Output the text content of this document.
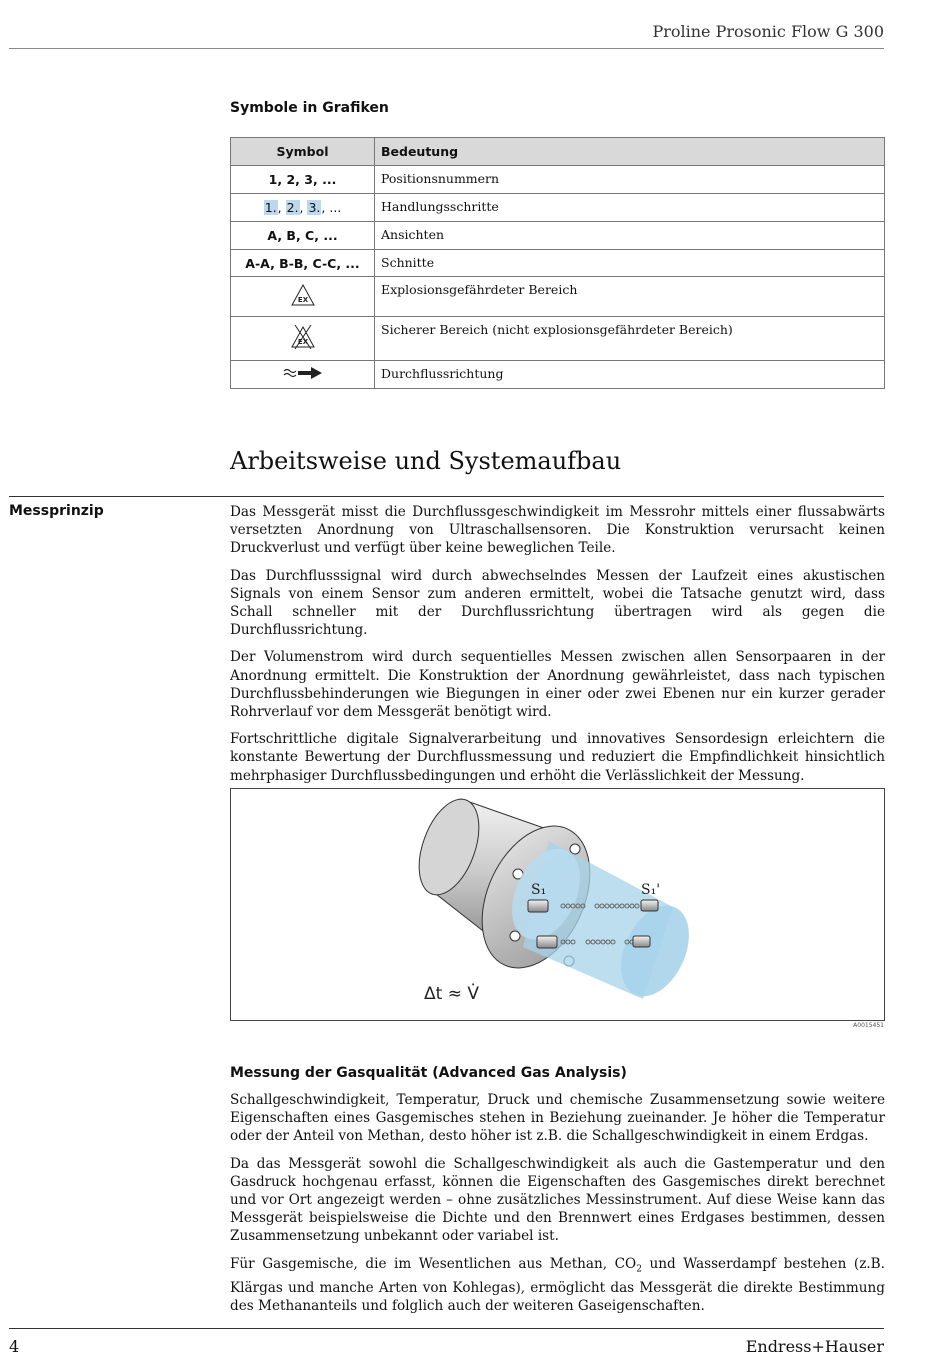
Proline Prosonic Flow G 300
Symbole in Grafiken
Symbol	Bedeutung
1, 2, 3, ...	Positionsnummern
1., 2., 3., ...	Handlungsschritte
A, B, C, ...	Ansichten
A-A, B-B, C-C, ...	Schnitte

EX	Explosionsgefährdeter Bereich

EX	Sicherer Bereich (nicht explosionsgefährdeter Bereich)
	Durchflussrichtung
Arbeitsweise und Systemaufbau
Messprinzip	Das Messgerät misst die Durchflussgeschwindigkeit im Messrohr mittels einer flussabwärts versetzten Anordnung von Ultraschallsensoren. Die Konstruktion verursacht keinen Druckverlust und verfügt über keine beweglichen Teile.

Das Durchflusssignal wird durch abwechselndes Messen der Laufzeit eines akustischen Signals von einem Sensor zum anderen ermittelt, wobei die Tatsache genutzt wird, dass Schall schneller mit der Durchflussrichtung übertragen wird als gegen die Durchflussrichtung.

Der Volumenstrom wird durch sequentielles Messen zwischen allen Sensorpaaren in der Anordnung ermittelt. Die Konstruktion der Anordnung gewährleistet, dass nach typischen Durchflussbehinderungen wie Biegungen in einer oder zwei Ebenen nur ein kurzer gerader Rohrverlauf vor dem Messgerät benötigt wird.

Fortschrittliche digitale Signalverarbeitung und innovatives Sensordesign erleichtern die konstante Bewertung der Durchflussmessung und reduziert die Empfindlichkeit hinsichtlich mehrphasiger Durchflussbedingungen und erhöht die Verlässlichkeit der Messung.

S₁	S₁'
Δt ≈ V̇
A0015451
Messung der Gasqualität (Advanced Gas Analysis)

Schallgeschwindigkeit, Temperatur, Druck und chemische Zusammensetzung sowie weitere Eigenschaften eines Gasgemisches stehen in Beziehung zueinander. Je höher die Temperatur oder der Anteil von Methan, desto höher ist z.B. die Schallgeschwindigkeit in einem Erdgas.

Da das Messgerät sowohl die Schallgeschwindigkeit als auch die Gastemperatur und den Gasdruck hochgenau erfasst, können die Eigenschaften des Gasgemisches direkt berechnet und vor Ort angezeigt werden – ohne zusätzliches Messinstrument. Auf diese Weise kann das Messgerät beispielsweise die Dichte und den Brennwert eines Erdgases bestimmen, dessen Zusammensetzung unbekannt oder variabel ist.

Für Gasgemische, die im Wesentlichen aus Methan, $CO_2$ und Wasserdampf bestehen (z.B. Klärgas und manche Arten von Kohlegas), ermöglicht das Messgerät die direkte Bestimmung des Methananteils und folglich auch der weiteren Gaseigenschaften.

4	Endress+Hauser
